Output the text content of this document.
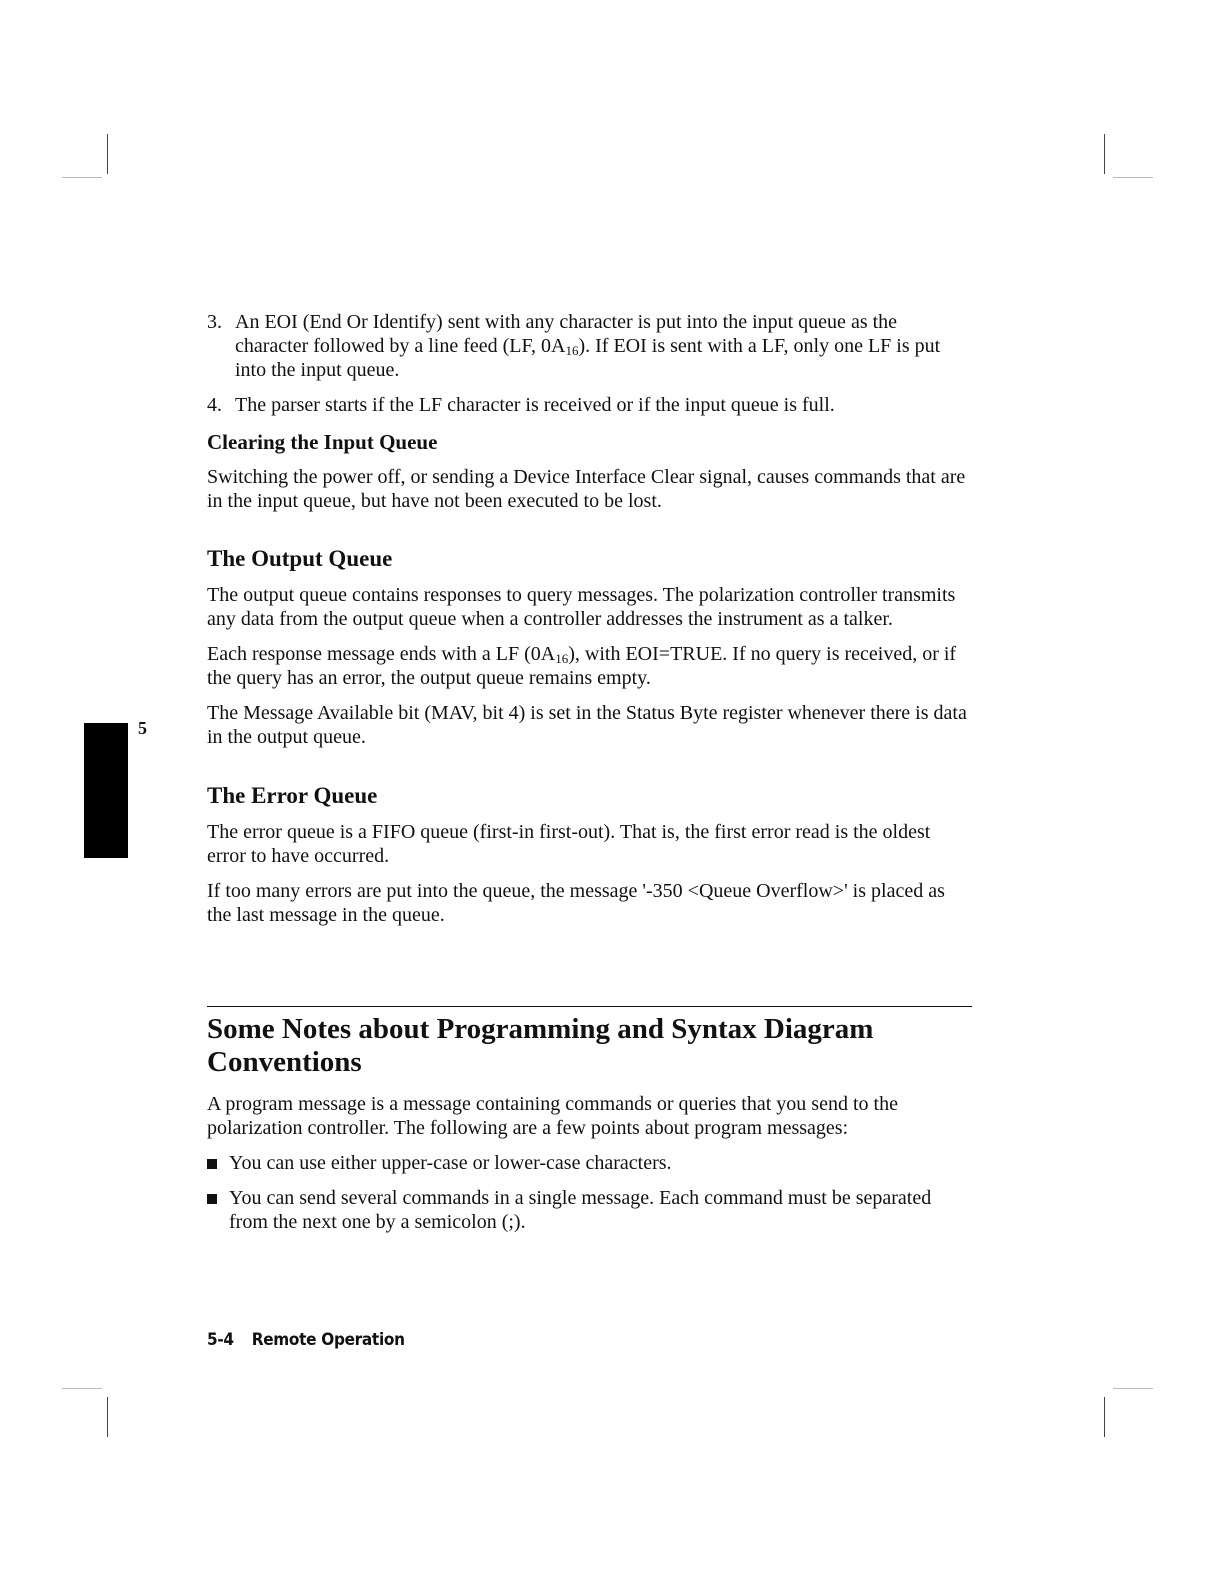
5
3. An EOI (End Or Identify) sent with any character is put into the input queue as the character followed by a line feed (LF, $0A_{16}$). If EOI is sent with a LF, only one LF is put into the input queue.
4. The parser starts if the LF character is received or if the input queue is full.
Clearing the Input Queue

Switching the power off, or sending a Device Interface Clear signal, causes commands that are in the input queue, but have not been executed to be lost.

The Output Queue

The output queue contains responses to query messages. The polarization controller transmits any data from the output queue when a controller addresses the instrument as a talker.

Each response message ends with a LF $(0A_{16})$, with EOI=TRUE. If no query is received, or if the query has an error, the output queue remains empty.

The Message Available bit (MAV, bit 4) is set in the Status Byte register whenever there is data in the output queue.

The Error Queue

The error queue is a FIFO queue (first-in first-out). That is, the first error read is the oldest error to have occurred.

If too many errors are put into the queue, the message '-350 <Queue Overflow>' is placed as the last message in the queue.

Some Notes about Programming and Syntax Diagram Conventions

A program message is a message containing commands or queries that you send to the polarization controller. The following are a few points about program messages:

You can use either upper-case or lower-case characters.
You can send several commands in a single message. Each command must be separated from the next one by a semicolon (;).
5-4 Remote Operation
